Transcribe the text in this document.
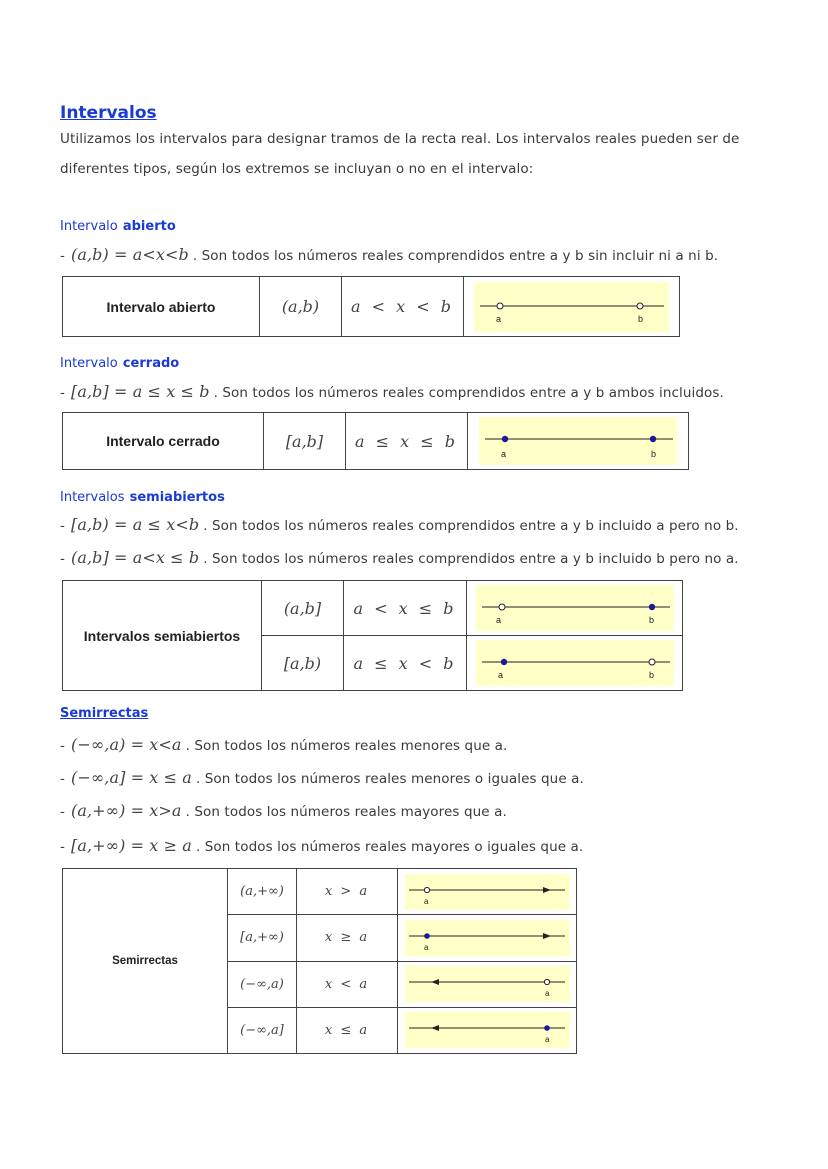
Intervalos
Utilizamos los intervalos para designar tramos de la recta real. Los intervalos reales pueden ser de
diferentes tipos, según los extremos se incluyan o no en el intervalo:
Intervalo abierto
- (a,b) = a<x<b . Son todos los números reales comprendidos entre a y b sin incluir ni a ni b.
Intervalo abierto	(a,b)	a < x < b	
a	b
Intervalo cerrado
- [a,b] = a ≤ x ≤ b . Son todos los números reales comprendidos entre a y b ambos incluidos.
Intervalo cerrado	[a,b]	a ≤ x ≤ b	
a	b
Intervalos semiabiertos
- [a,b) = a ≤ x<b . Son todos los números reales comprendidos entre a y b incluido a pero no b.
- (a,b] = a<x ≤ b . Son todos los números reales comprendidos entre a y b incluido b pero no a.
Intervalos semiabiertos	(a,b]	a < x ≤ b	a b

	[a,b)	a ≤ x < b	a b
Semirrectas
- (−∞,a) = x<a . Son todos los números reales menores que a.
- (−∞,a] = x ≤ a . Son todos los números reales menores o iguales que a.
- (a,+∞) = x>a . Son todos los números reales mayores que a.
- [a,+∞) = x ≥ a . Son todos los números reales mayores o iguales que a.
Semirrectas	(a,+∞)	x > a	a

	[a,+∞)	x ≥ a	a

	(−∞,a)	x < a	a

	(−∞,a]	x ≤ a	a
